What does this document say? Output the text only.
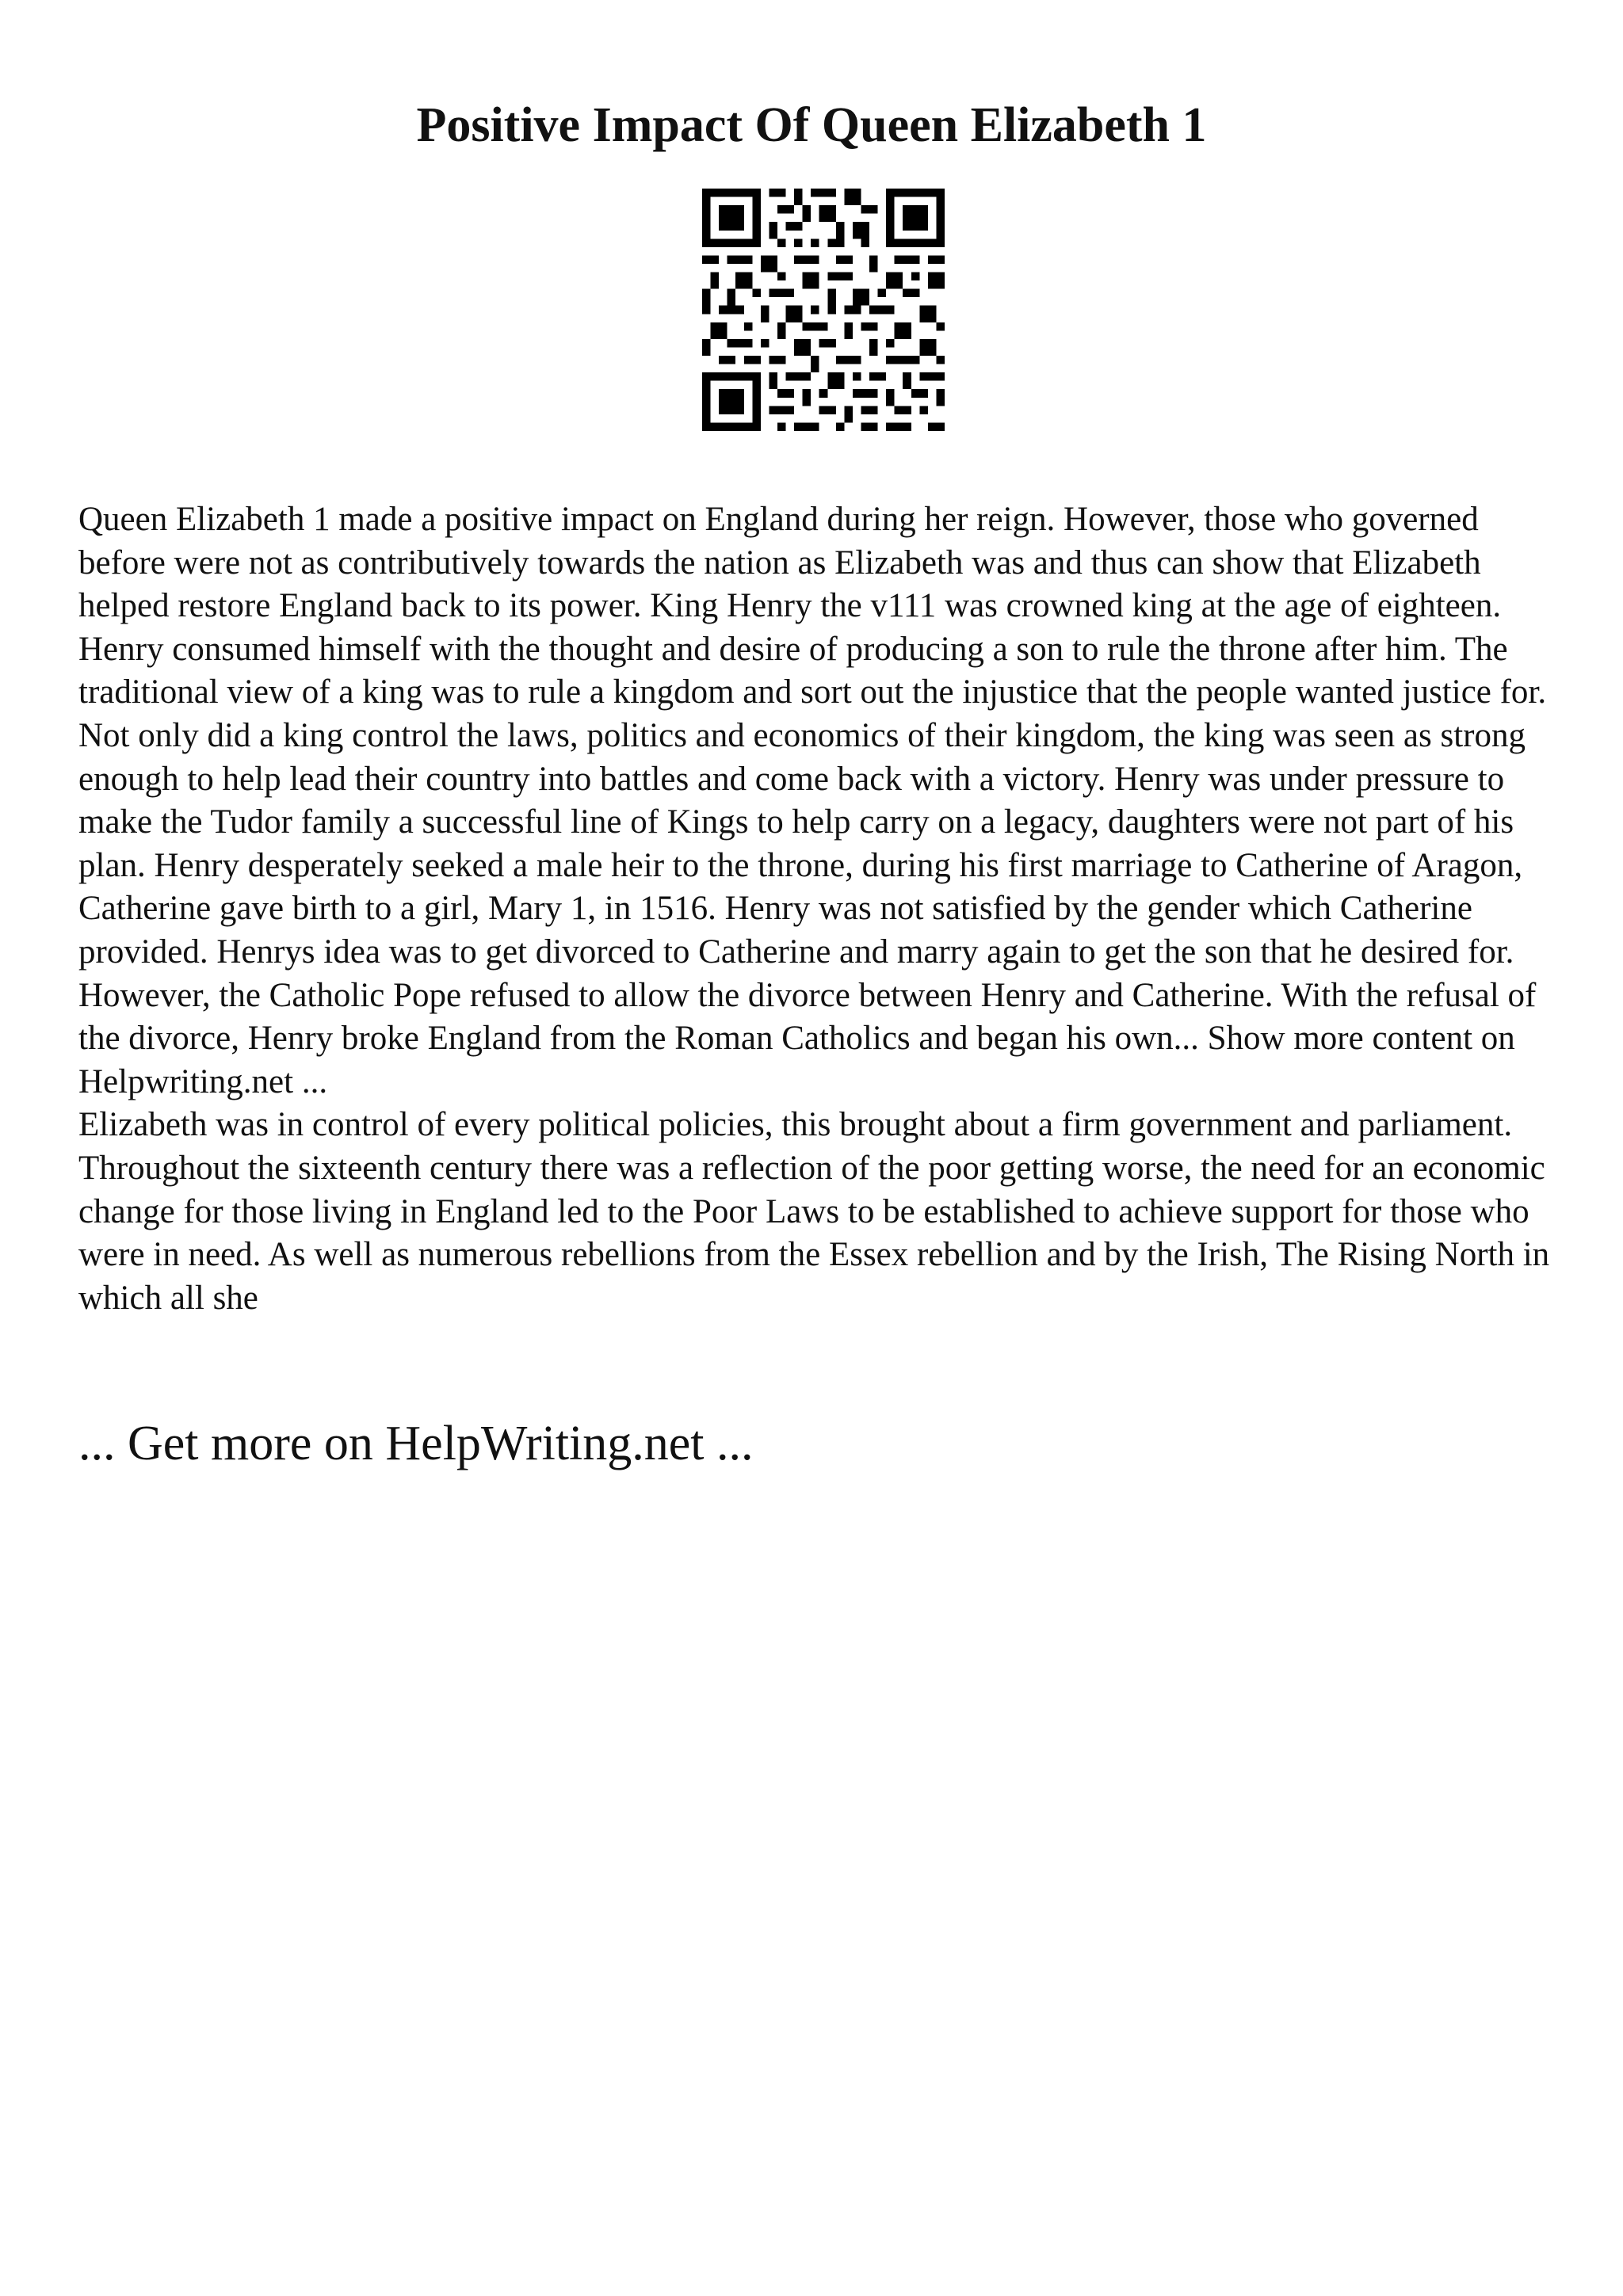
Positive Impact Of Queen Elizabeth 1

Queen Elizabeth 1 made a positive impact on England during her reign. However, those who governed before were not as contributively towards the nation as Elizabeth was and thus can show that Elizabeth helped restore England back to its power. King Henry the v111 was crowned king at the age of eighteen. Henry consumed himself with the thought and desire of producing a son to rule the throne after him. The traditional view of a king was to rule a kingdom and sort out the injustice that the people wanted justice for. Not only did a king control the laws, politics and economics of their kingdom, the king was seen as strong enough to help lead their country into battles and come back with a victory. Henry was under pressure to make the Tudor family a successful line of Kings to help carry on a legacy, daughters were not part of his plan. Henry desperately seeked a male heir to the throne, during his first marriage to Catherine of Aragon, Catherine gave birth to a girl, Mary 1, in 1516. Henry was not satisfied by the gender which Catherine provided. Henrys idea was to get divorced to Catherine and marry again to get the son that he desired for. However, the Catholic Pope refused to allow the divorce between Henry and Catherine. With the refusal of the divorce, Henry broke England from the Roman Catholics and began his own... Show more content on Helpwriting.net ...

Elizabeth was in control of every political policies, this brought about a firm government and parliament. Throughout the sixteenth century there was a reflection of the poor getting worse, the need for an economic change for those living in England led to the Poor Laws to be established to achieve support for those who were in need. As well as numerous rebellions from the Essex rebellion and by the Irish, The Rising North in which all she

... Get more on HelpWriting.net ...
